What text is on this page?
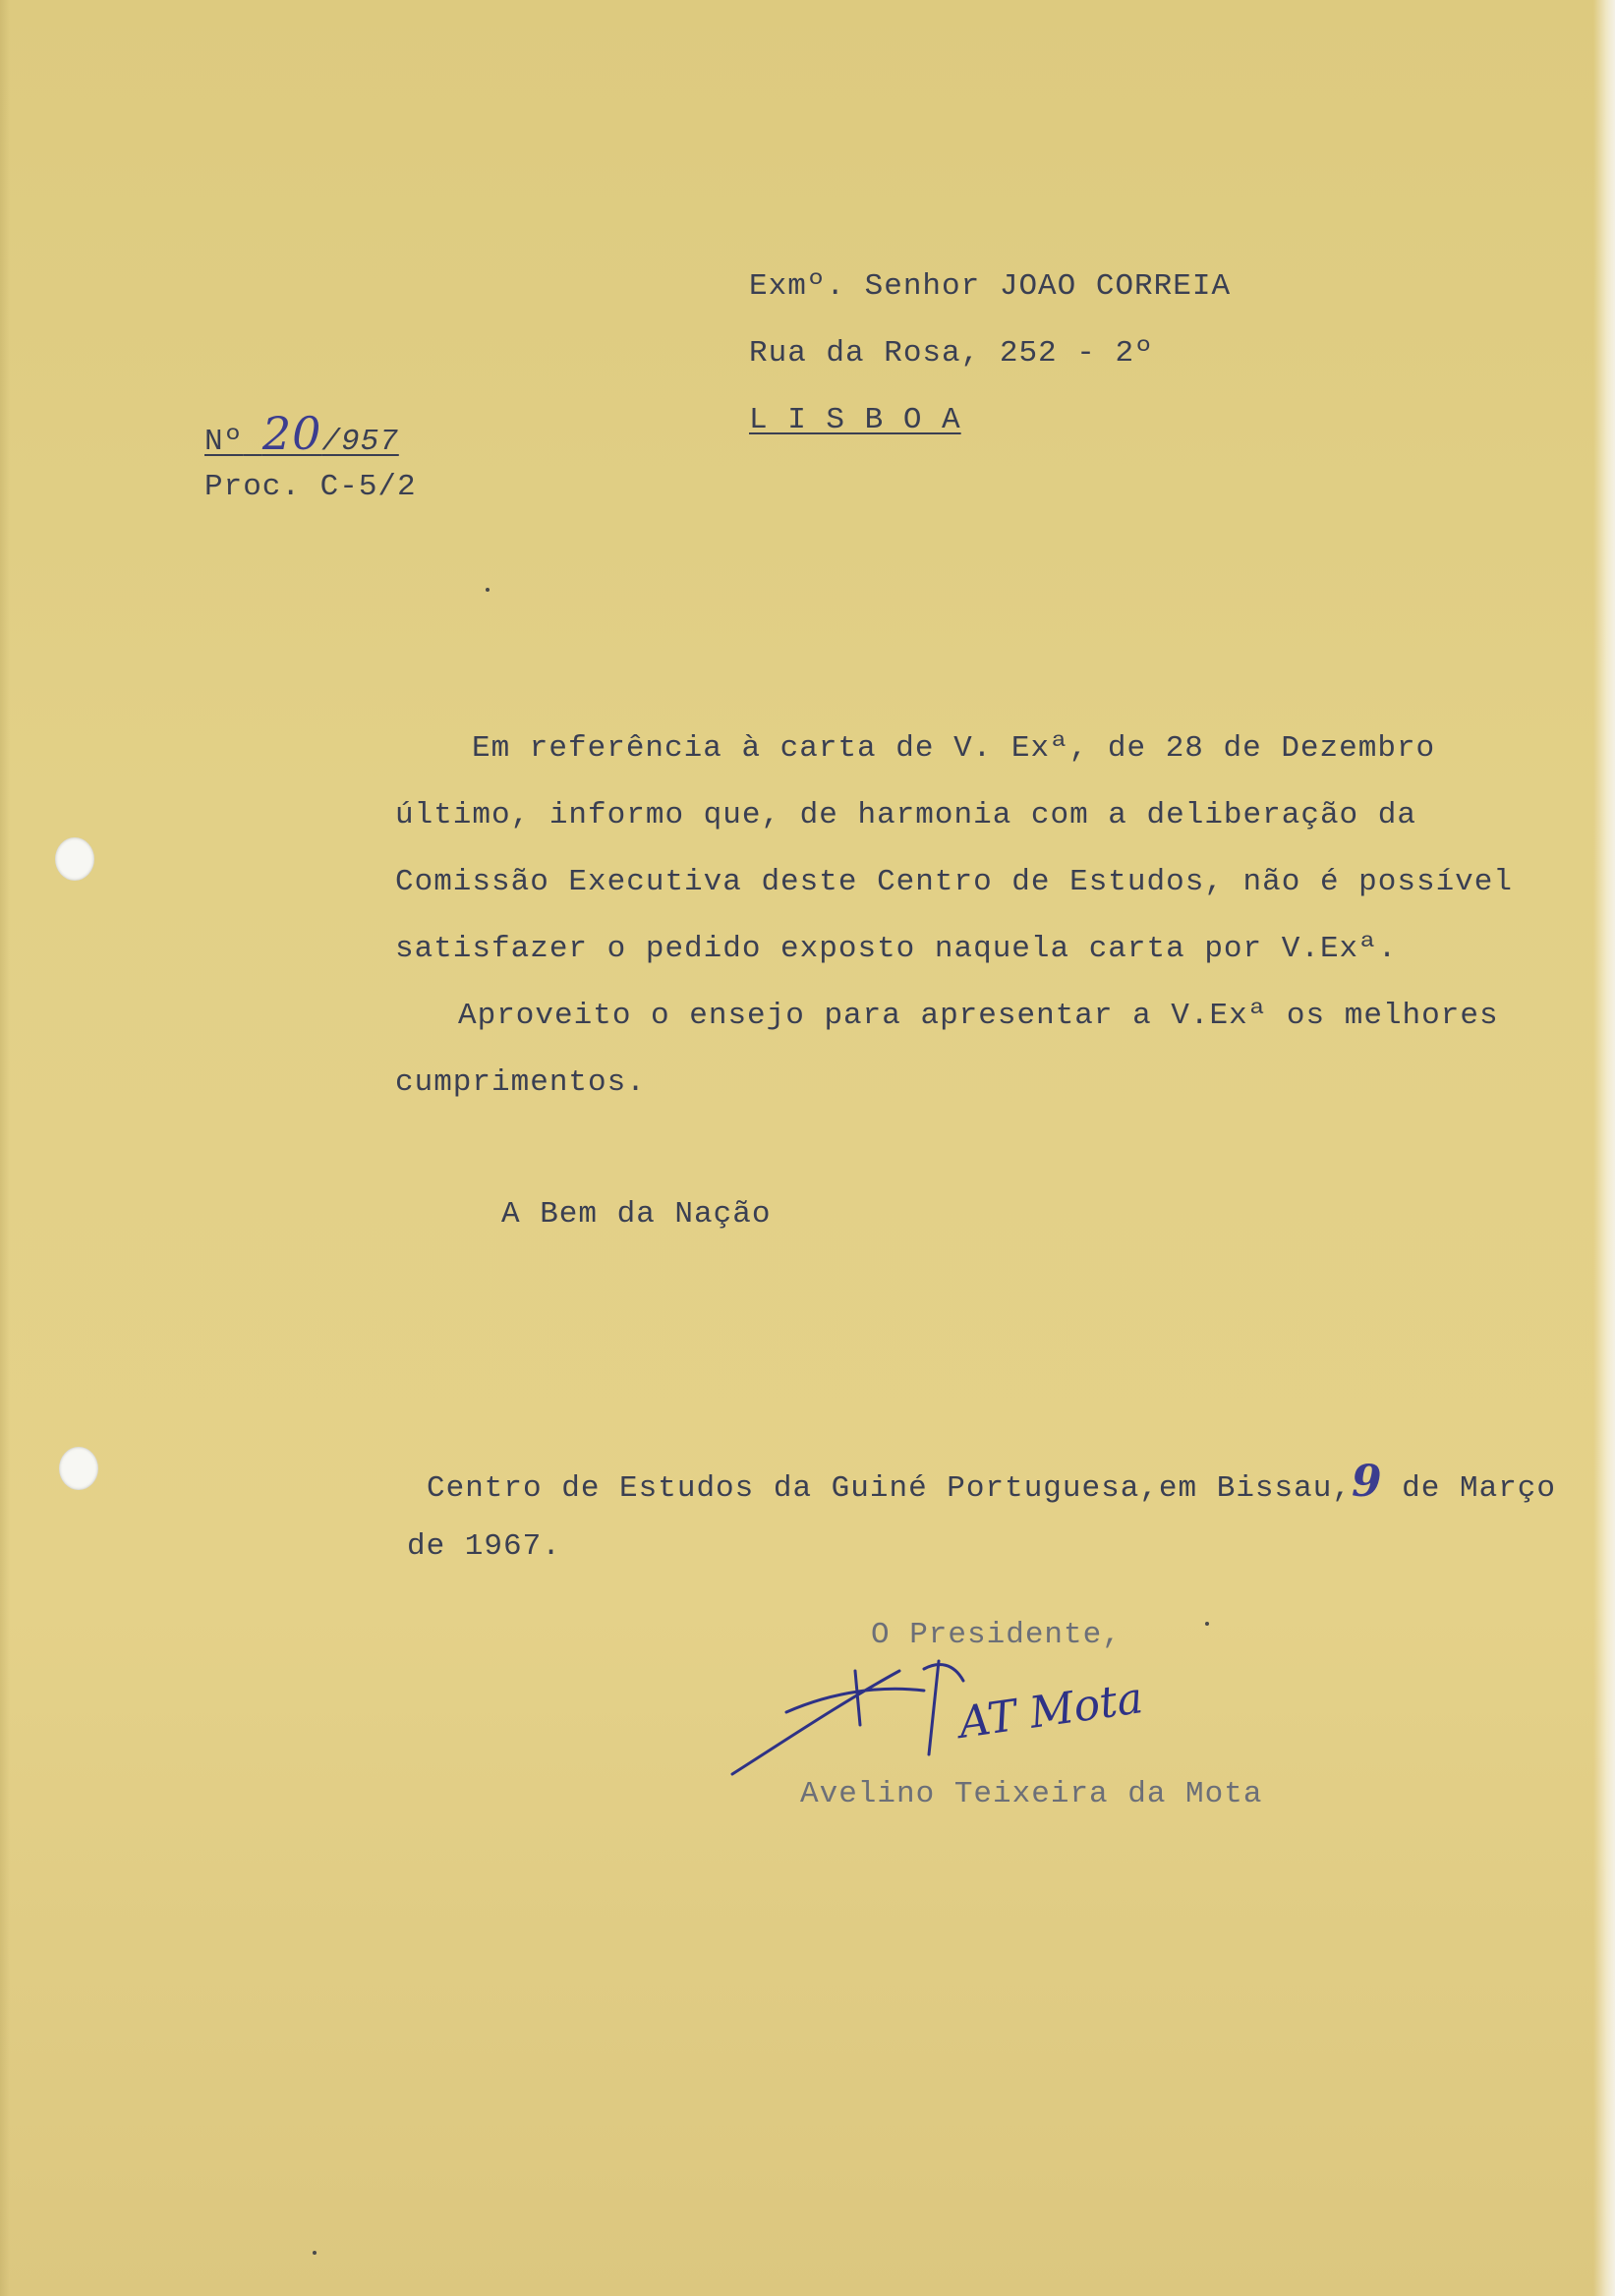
Exmº. Senhor JOAO CORREIA
Rua da Rosa, 252 - 2º
L I S B O A
Nº 20/957
Proc. C-5/2
Em referência à carta de V. Exª, de 28 de Dezembro
último, informo que, de harmonia com a deliberação da
Comissão Executiva deste Centro de Estudos, não é possível
satisfazer o pedido exposto naquela carta por V.Exª.
Aproveito o ensejo para apresentar a V.Exª os melhores
cumprimentos.
A Bem da Nação
Centro de Estudos da Guiné Portuguesa,em Bissau,9 de Março
de 1967.
O Presidente,
AT Mota
Avelino Teixeira da Mota
